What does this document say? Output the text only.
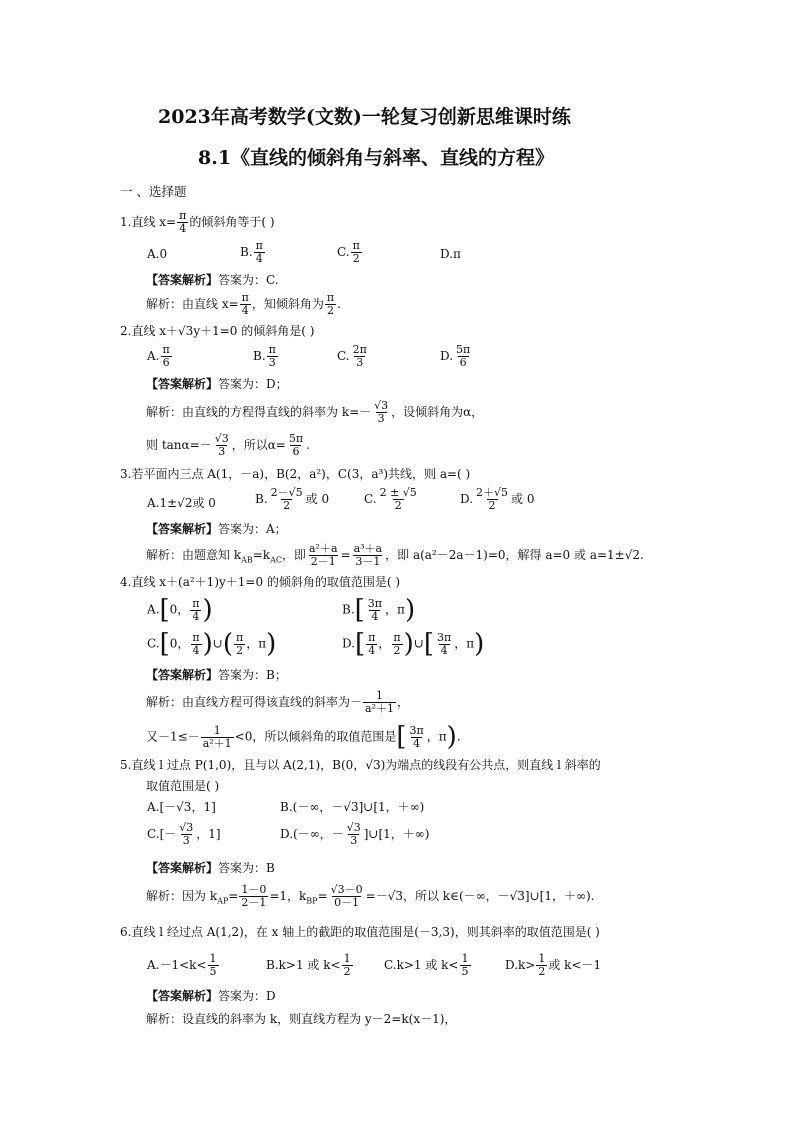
2023年高考数学(文数)一轮复习创新思维课时练
8.1《直线的倾斜角与斜率、直线的方程》
一 、选择题
1.直线 $x= \frac{\pi}{4}$ 的倾斜角等于( )
A.0	B. $\frac{\pi}{4}$	C. $\frac{\pi}{2}$	D.π
【答案解析】答案为：C.
解析：由直线 $x= \frac{\pi}{4}$ ，知倾斜角为 $\frac{\pi}{2}$ .
2.直线 x＋√3y＋1=0 的倾斜角是( )
A. $\frac{\pi}{6}$	B. $\frac{\pi}{3}$	C. $\frac{2\pi}{3}$	D. $\frac{5\pi}{6}$
【答案解析】答案为：D；
解析：由直线的方程得直线的斜率为 $k=- \frac{√3}{3}$ ，设倾斜角为α，
则 $\tan\alpha=- \frac{√3}{3}$ ，所以$\alpha= \frac{5\pi}{6}$ .
3.若平面内三点 A(1，－a)，B(2，a²)，C(3，a³)共线，则 a=( )
A.1±√2或 0	B. $\frac{2-√5}{2}$ 或 0	C. $\frac{2 \pm √5}{2}$	D. $\frac{2+√5}{2}$ 或 0
【答案解析】答案为：A；
解析：由题意知 $k_{AB}=k_{AC}$，即 $\frac{\text{a²＋a}}{2-1} = \frac{\text{a³＋a}}{3-1}$ ，即 a(a²－2a－1)=0，解得 a=0 或 a=1±√2.
4.直线 x＋(a²＋1)y＋1=0 的倾斜角的取值范围是( )
A.[0， $\frac{\pi}{4}$ )	$B.[ \frac{3\pi}{4}$ ，π)
C.[0， $\frac{\pi}{4}$ )∪( $\frac{\pi}{2}$ ，π)	$D.[ \frac{\pi}{4}$ ， $\frac{\pi}{2}$ )∪[ $\frac{3\pi}{4}$ ，π)
【答案解析】答案为：B；
解析：由直线方程可得该直线的斜率为－ $\frac{1}{\text{a²＋1}}$ ，
又$-1\le- \frac{1}{\text{a²＋1}} <0$，所以倾斜角的取值范围是[ $\frac{3\pi}{4}$ ，π).
5.直线 l 过点 P(1,0)，且与以 A(2,1)，B(0，√3)为端点的线段有公共点，则直线 l 斜率的
取值范围是( )
A.[－√3，1]	B.(－∞，－√3]∪[1，＋∞)
$C.[- \frac{√3}{3}$ ，1]	D.(－∞，－ $\frac{√3}{3}$ ]∪[1，＋∞)
【答案解析】答案为：B
解析：因为 $k_{AP}= \frac{1-0}{2-1} =1$，$k_{BP}= \frac{√3-0}{0-1} =-√3$，所以 k∈(－∞，－√3]∪[1，＋∞).
6.直线 l 经过点 A(1,2)，在 x 轴上的截距的取值范围是(－3,3)，则其斜率的取值范围是( )
$A.-1<k< \frac{1}{5}$	B.k>1 或 $k< \frac{1}{2}$	C.k>1 或 $k< \frac{1}{5}$	$D.k> \frac{1}{2}$ 或 k<－1
【答案解析】答案为：D
解析：设直线的斜率为 k，则直线方程为 y－2=k(x－1)，
